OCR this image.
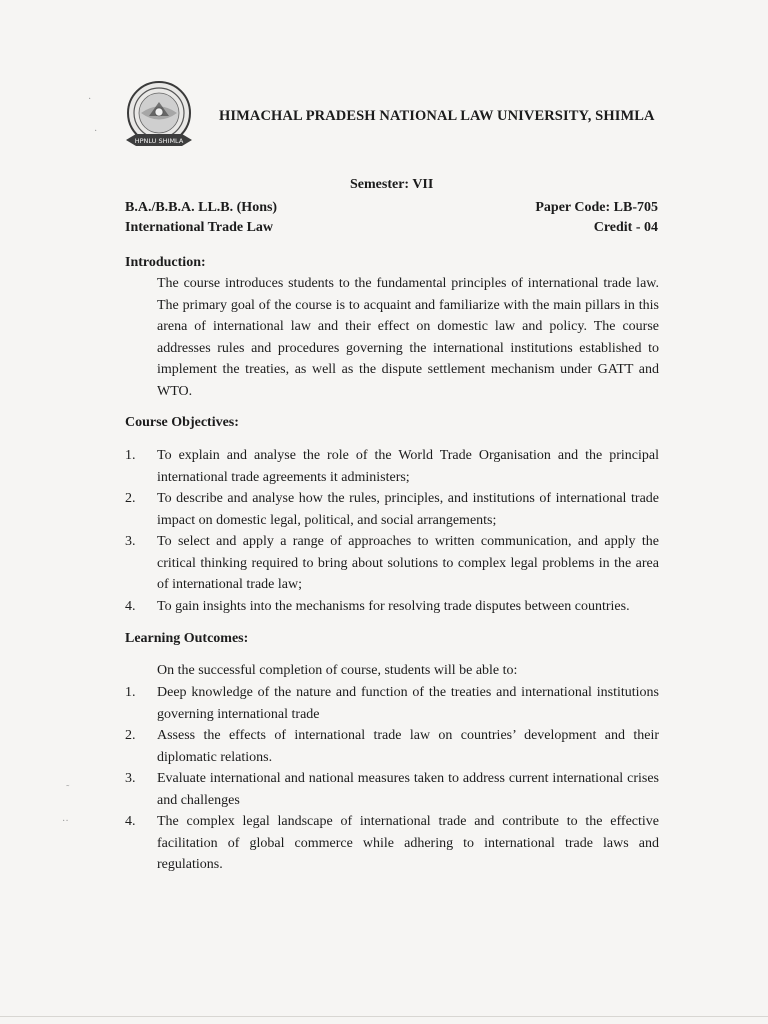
HPNLU SHIMLA
HIMACHAL PRADESH NATIONAL LAW UNIVERSITY, SHIMLA
Semester: VII
B.A./B.B.A. LL.B. (Hons)	Paper Code: LB-705
International Trade Law	Credit - 04
Introduction:

The course introduces students to the fundamental principles of international trade law. The primary goal of the course is to acquaint and familiarize with the main pillars in this arena of international law and their effect on domestic law and policy. The course addresses rules and procedures governing the international institutions established to implement the treaties, as well as the dispute settlement mechanism under GATT and WTO.

Course Objectives:
1. To explain and analyse the role of the World Trade Organisation and the principal international trade agreements it administers;
2. To describe and analyse how the rules, principles, and institutions of international trade impact on domestic legal, political, and social arrangements;
3. To select and apply a range of approaches to written communication, and apply the critical thinking required to bring about solutions to complex legal problems in the area of international trade law;
4. To gain insights into the mechanisms for resolving trade disputes between countries.
Learning Outcomes:

On the successful completion of course, students will be able to:

1. Deep knowledge of the nature and function of the treaties and international institutions governing international trade
2. Assess the effects of international trade law on countries’ development and their diplomatic relations.
3. Evaluate international and national measures taken to address current international crises and challenges
4. The complex legal landscape of international trade and contribute to the effective facilitation of global commerce while adhering to international trade laws and regulations.
·
·
˜
··
